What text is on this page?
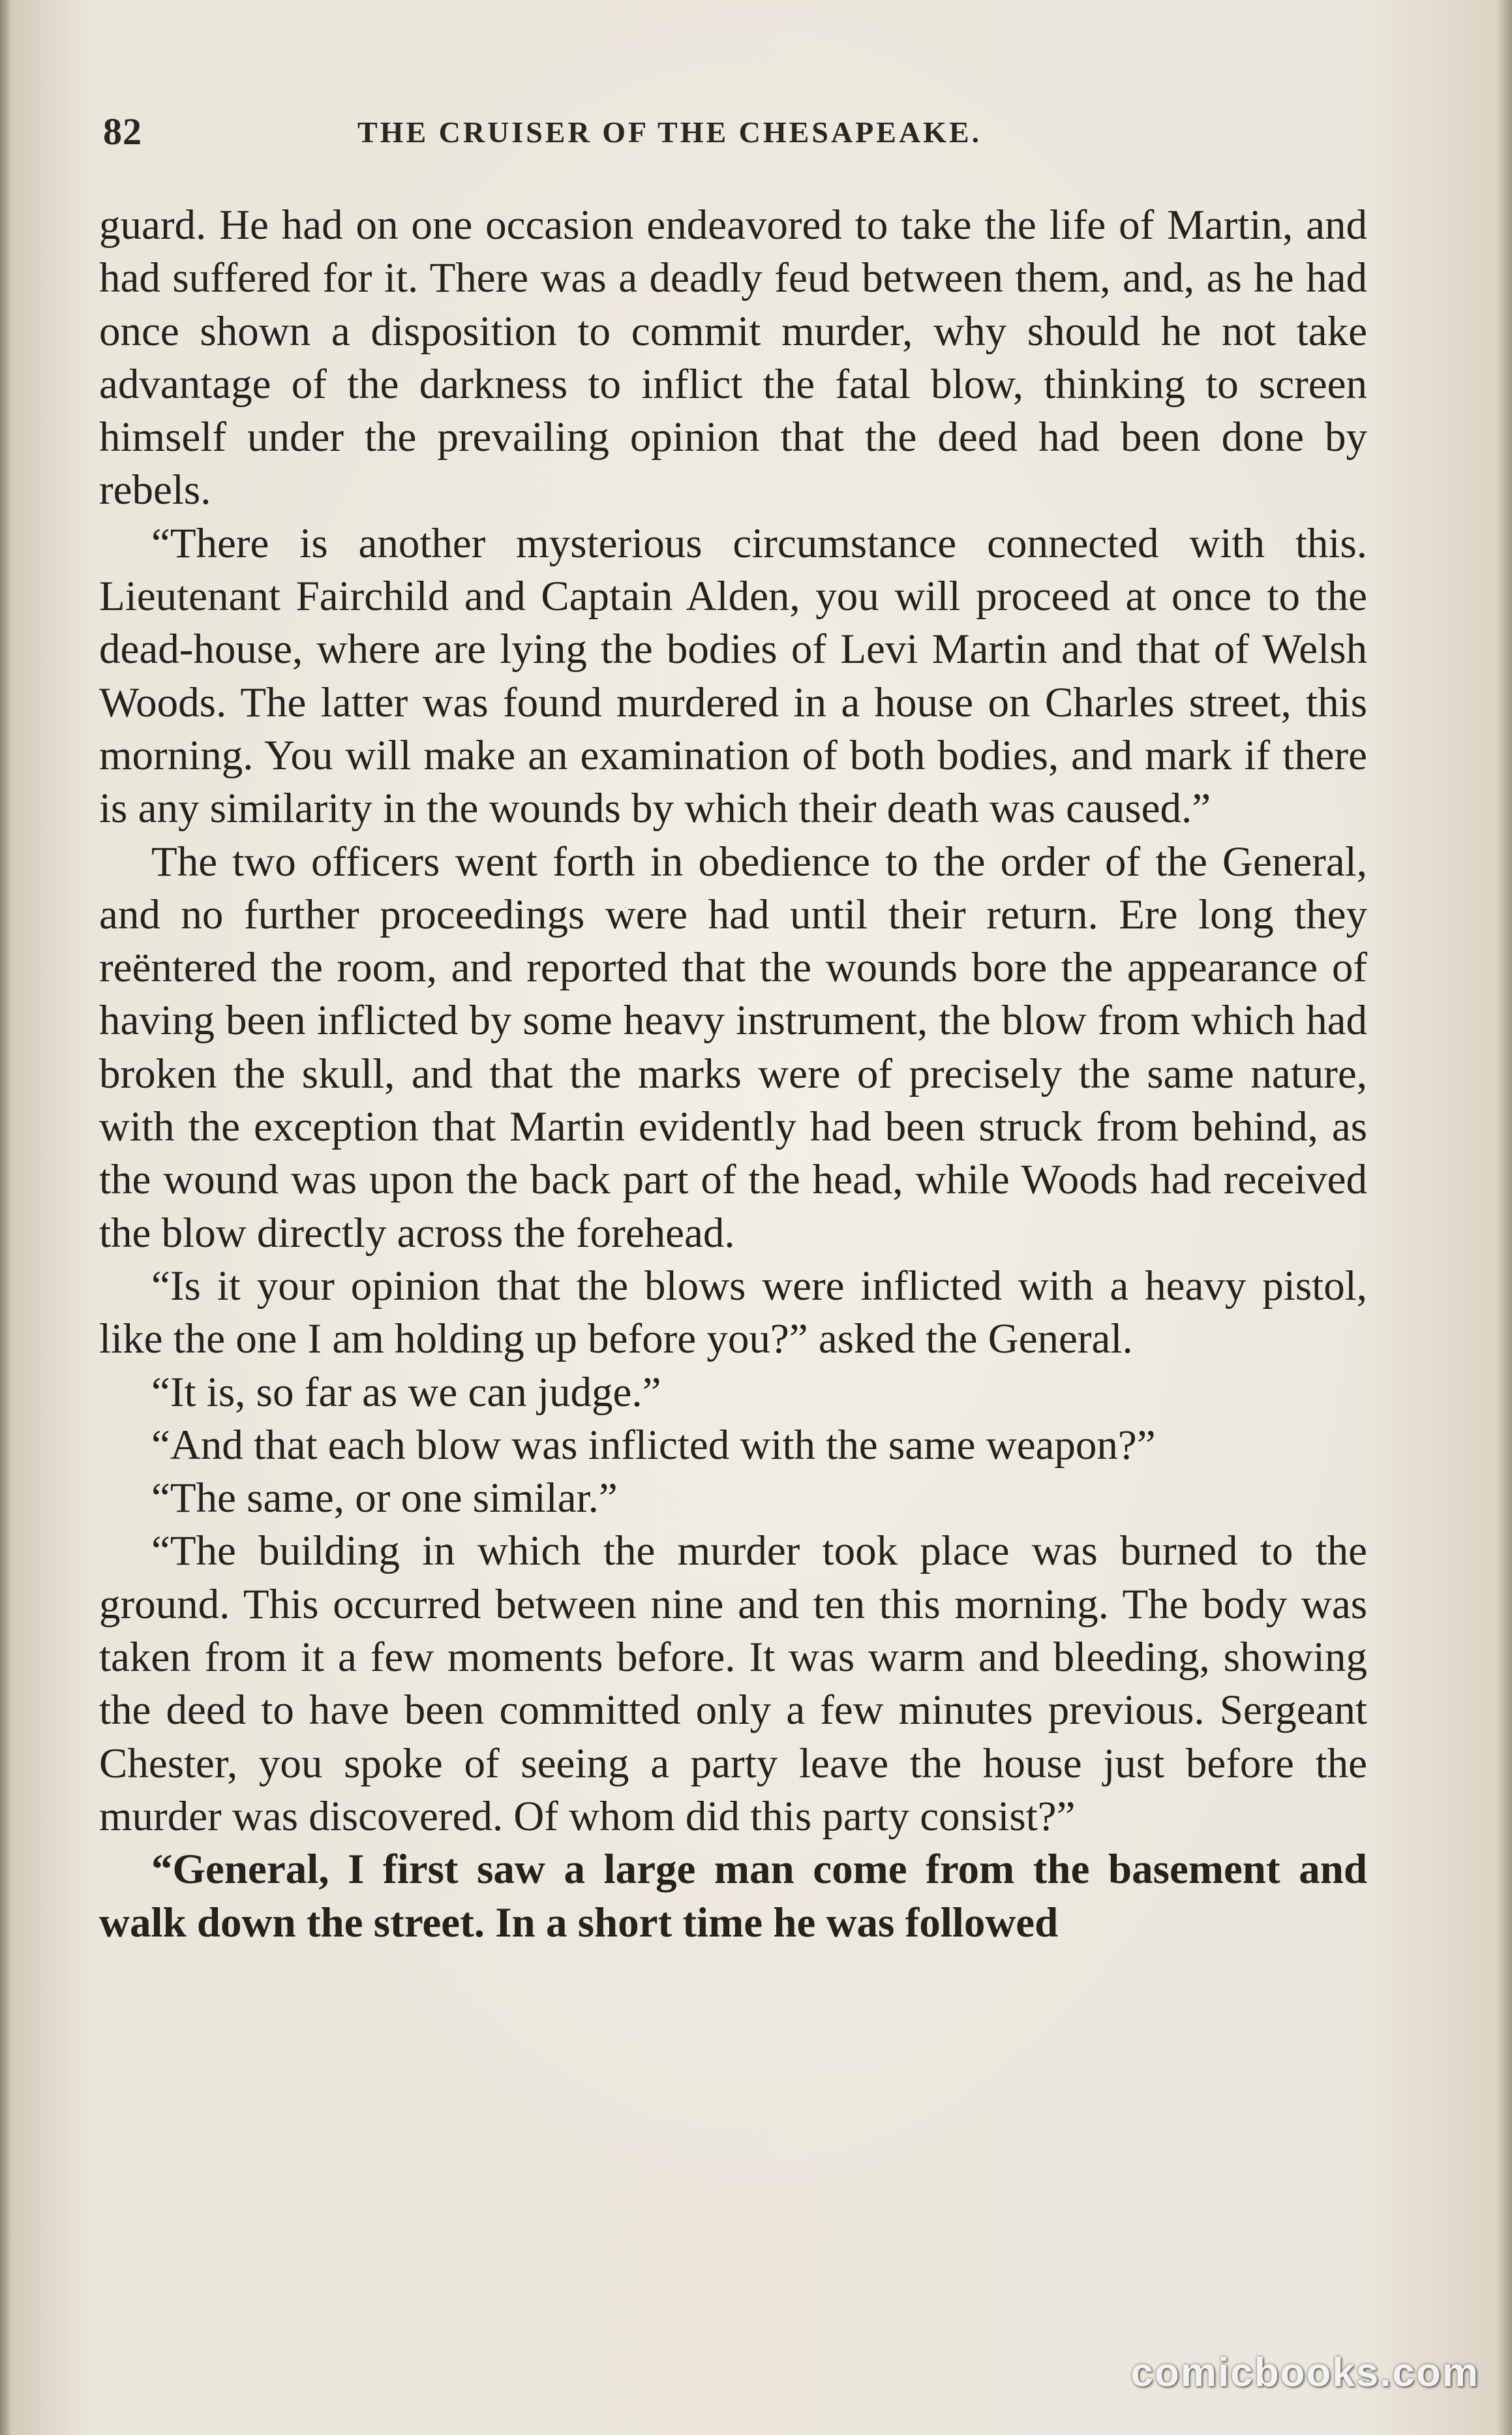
82	THE CRUISER OF THE CHESAPEAKE.

guard. He had on one occasion endeavored to take the life of Martin, and had suffered for it. There was a deadly feud between them, and, as he had once shown a disposition to commit murder, why should he not take advantage of the darkness to inflict the fatal blow, thinking to screen himself under the prevailing opinion that the deed had been done by rebels.

“There is another mysterious circumstance connected with this. Lieutenant Fairchild and Captain Alden, you will proceed at once to the dead-house, where are lying the bodies of Levi Martin and that of Welsh Woods. The latter was found murdered in a house on Charles street, this morning. You will make an examination of both bodies, and mark if there is any similarity in the wounds by which their death was caused.”

The two officers went forth in obedience to the order of the General, and no further proceedings were had until their return. Ere long they reëntered the room, and reported that the wounds bore the appearance of having been inflicted by some heavy instrument, the blow from which had broken the skull, and that the marks were of precisely the same nature, with the exception that Martin evidently had been struck from behind, as the wound was upon the back part of the head, while Woods had received the blow directly across the forehead.

“Is it your opinion that the blows were inflicted with a heavy pistol, like the one I am holding up before you?” asked the General.

“It is, so far as we can judge.”

“And that each blow was inflicted with the same weapon?”

“The same, or one similar.”

“The building in which the murder took place was burned to the ground. This occurred between nine and ten this morning. The body was taken from it a few moments before. It was warm and bleeding, showing the deed to have been committed only a few minutes previous. Sergeant Chester, you spoke of seeing a party leave the house just before the murder was discovered. Of whom did this party consist?”

“General, I first saw a large man come from the basement and walk down the street. In a short time he was followed

comicbooks.com
